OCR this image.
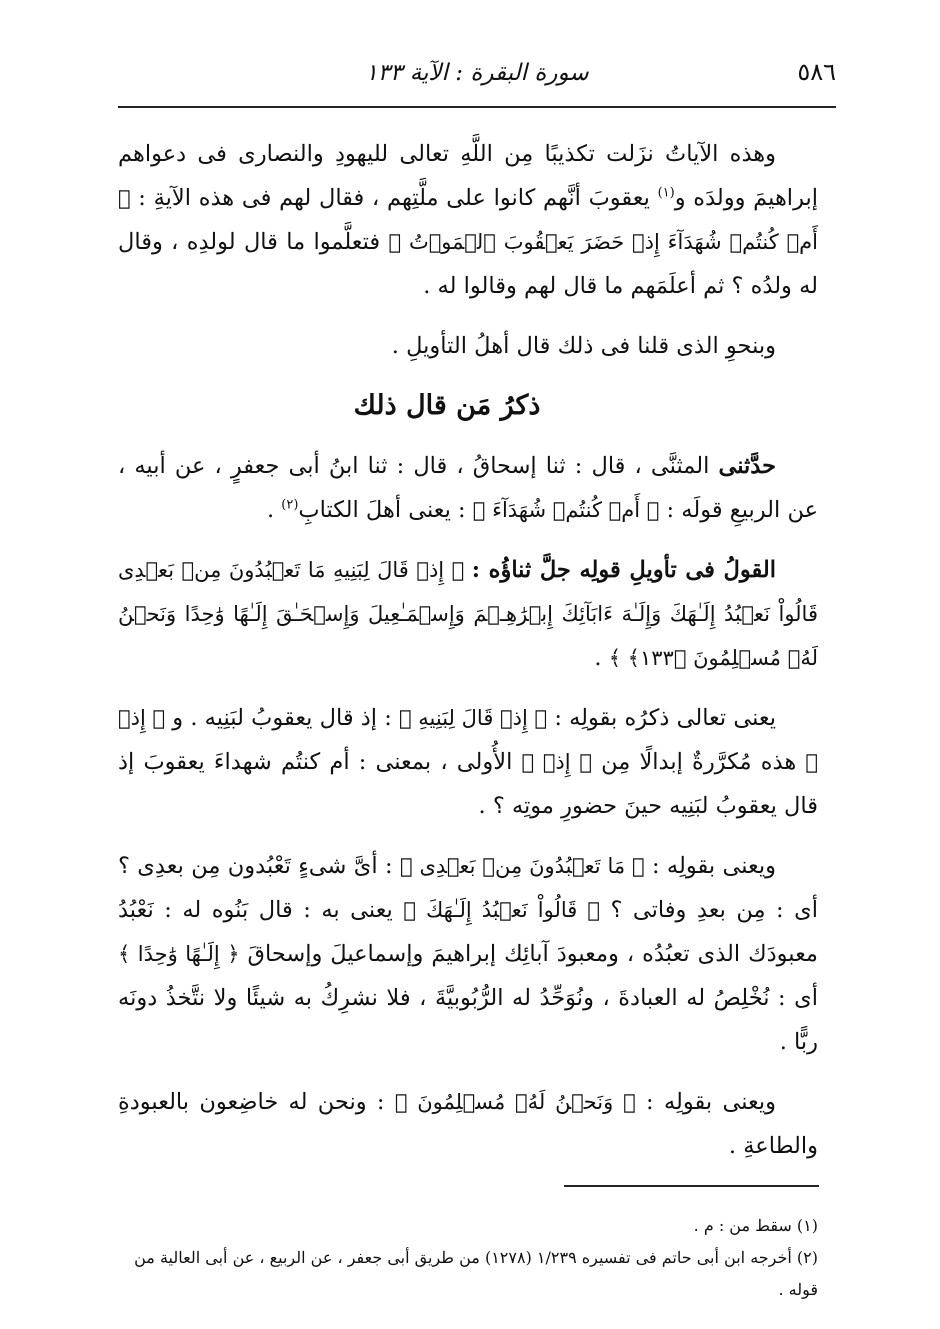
٥٨٦
سورة البقرة : الآية ١٣٣

وهذه الآياتُ نزَلت تكذيبًا مِن اللَّهِ تعالى لليهودِ والنصارى فى دعواهم إبراهيمَ وولدَه و$^{(١)}$ يعقوبَ أنَّهم كانوا على ملَّتِهم ، فقال لهم فى هذه الآيةِ : ﴿ أَمۡ كُنتُمۡ شُهَدَآءَ إِذۡ حَضَرَ يَعۡقُوبَ ٱلۡمَوۡتُ ﴾ فتعلَّموا ما قال لولدِه ، وقال له ولدُه ؟ ثم أعلَمَهم ما قال لهم وقالوا له .

وبنحوِ الذى قلنا فى ذلك قال أهلُ التأويلِ .

ذكرُ مَن قال ذلك

حدَّثنى المثنَّى ، قال : ثنا إسحاقُ ، قال : ثنا ابنُ أبى جعفرٍ ، عن أبيه ، عن الربيعِ قولَه : ﴿ أَمۡ كُنتُمۡ شُهَدَآءَ ﴾ : يعنى أهلَ الكتابِ$^{(٢)}$ .

القولُ فى تأويلِ قولِه جلَّ ثناؤُه : ﴿ إِذۡ قَالَ لِبَنِيهِ مَا تَعۡبُدُونَ مِنۢ بَعۡدِى قَالُواْ نَعۡبُدُ إِلَـٰهَكَ وَإِلَـٰهَ ءَابَآئِكَ إِبۡرَٰهِـۧمَ وَإِسۡمَـٰعِيلَ وَإِسۡحَـٰقَ إِلَـٰهًا وَٰحِدًا وَنَحۡنُ لَهُۥ مُسۡلِمُونَ ﴿١٣٣﴾ ﴾ .

يعنى تعالى ذكرُه بقولِه : ﴿ إِذۡ قَالَ لِبَنِيهِ ﴾ : إذ قال يعقوبُ لبَنِيه . و ﴿ إِذۡ ﴾ هذه مُكرَّرةٌ إبدالًا مِن ﴿ إِذۡ ﴾ الأُولى ، بمعنى : أم كنتُم شهداءَ يعقوبَ إذ قال يعقوبُ لبَنِيه حينَ حضورِ موتِه ؟ .

ويعنى بقولِه : ﴿ مَا تَعۡبُدُونَ مِنۢ بَعۡدِى ﴾ : أىَّ شىءٍ تَعْبُدون مِن بعدِى ؟ أى : مِن بعدِ وفاتى ؟ ﴿ قَالُواْ نَعۡبُدُ إِلَـٰهَكَ ﴾ يعنى به : قال بَنُوه له : نَعْبُدُ معبودَك الذى تعبُدُه ، ومعبودَ آبائِك إبراهيمَ وإسماعيلَ وإسحاقَ ﴿ إِلَـٰهًا وَٰحِدًا ﴾ أى : نُخْلِصُ له العبادةَ ، ونُوَحِّدُ له الرُّبُوبيَّةَ ، فلا نشرِكُ به شيئًا ولا نتَّخذُ دونَه ربًّا .

ويعنى بقولِه : ﴿ وَنَحۡنُ لَهُۥ مُسۡلِمُونَ ﴾ : ونحن له خاضِعون بالعبودةِ والطاعةِ .

(١) سقط من : م .
(٢) أخرجه ابن أبى حاتم فى تفسيره ١/٢٣٩ (١٢٧٨) من طريق أبى جعفر ، عن الربيع ، عن أبى العالية من قوله .
